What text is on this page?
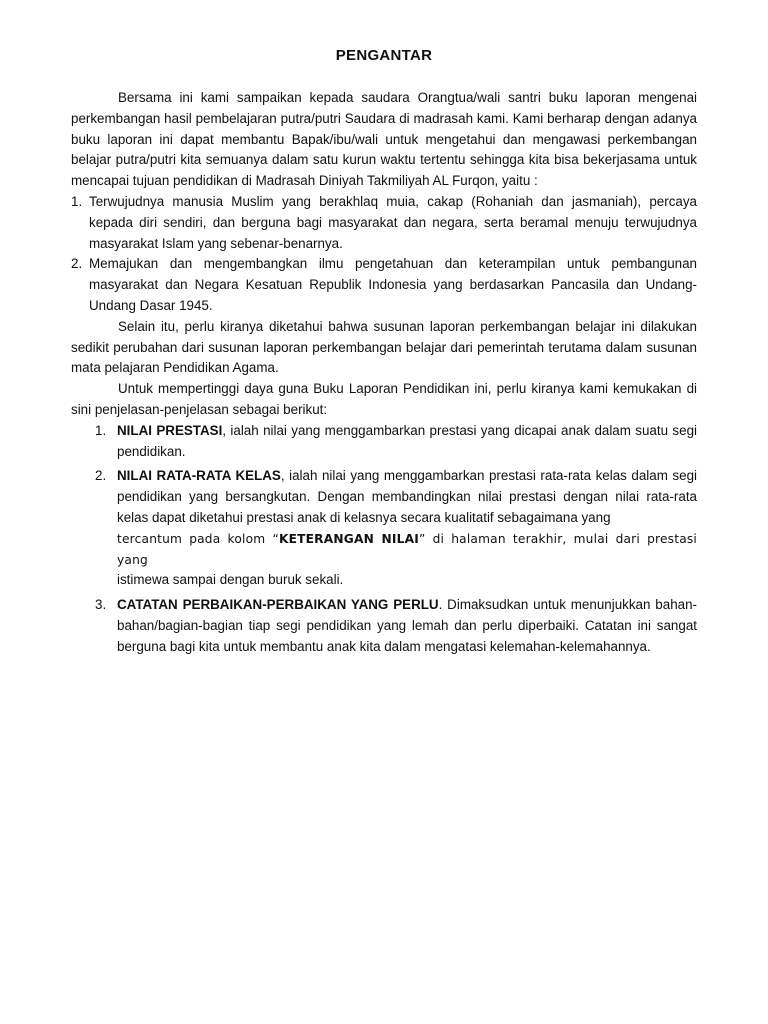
PENGANTAR

Bersama ini kami sampaikan kepada saudara Orangtua/wali santri buku laporan mengenai perkembangan hasil pembelajaran putra/putri Saudara di madrasah kami. Kami berharap dengan adanya buku laporan ini dapat membantu Bapak/ibu/wali untuk mengetahui dan mengawasi perkembangan belajar putra/putri kita semuanya dalam satu kurun waktu tertentu sehingga kita bisa bekerjasama untuk mencapai tujuan pendidikan di Madrasah Diniyah Takmiliyah AL Furqon, yaitu :

1. Terwujudnya manusia Muslim yang berakhlaq muia, cakap (Rohaniah dan jasmaniah), percaya kepada diri sendiri, dan berguna bagi masyarakat dan negara, serta beramal menuju terwujudnya masyarakat Islam yang sebenar-benarnya.
2. Memajukan dan mengembangkan ilmu pengetahuan dan keterampilan untuk pembangunan masyarakat dan Negara Kesatuan Republik Indonesia yang berdasarkan Pancasila dan Undang-Undang Dasar 1945.

Selain itu, perlu kiranya diketahui bahwa susunan laporan perkembangan belajar ini dilakukan sedikit perubahan dari susunan laporan perkembangan belajar dari pemerintah terutama dalam susunan mata pelajaran Pendidikan Agama.

Untuk mempertinggi daya guna Buku Laporan Pendidikan ini, perlu kiranya kami kemukakan di sini penjelasan-penjelasan sebagai berikut:

1. NILAI PRESTASI, ialah nilai yang menggambarkan prestasi yang dicapai anak dalam suatu segi pendidikan.
2. NILAI RATA-RATA KELAS, ialah nilai yang menggambarkan prestasi rata-rata kelas dalam segi pendidikan yang bersangkutan. Dengan membandingkan nilai prestasi dengan nilai rata-rata kelas dapat diketahui prestasi anak di kelasnya secara kualitatif sebagaimana yang
tercantum pada kolom “KETERANGAN NILAI” di halaman terakhir, mulai dari prestasi yang
istimewa sampai dengan buruk sekali.
3. CATATAN PERBAIKAN-PERBAIKAN YANG PERLU. Dimaksudkan untuk menunjukkan bahan-bahan/bagian-bagian tiap segi pendidikan yang lemah dan perlu diperbaiki. Catatan ini sangat berguna bagi kita untuk membantu anak kita dalam mengatasi kelemahan-kelemahannya.
